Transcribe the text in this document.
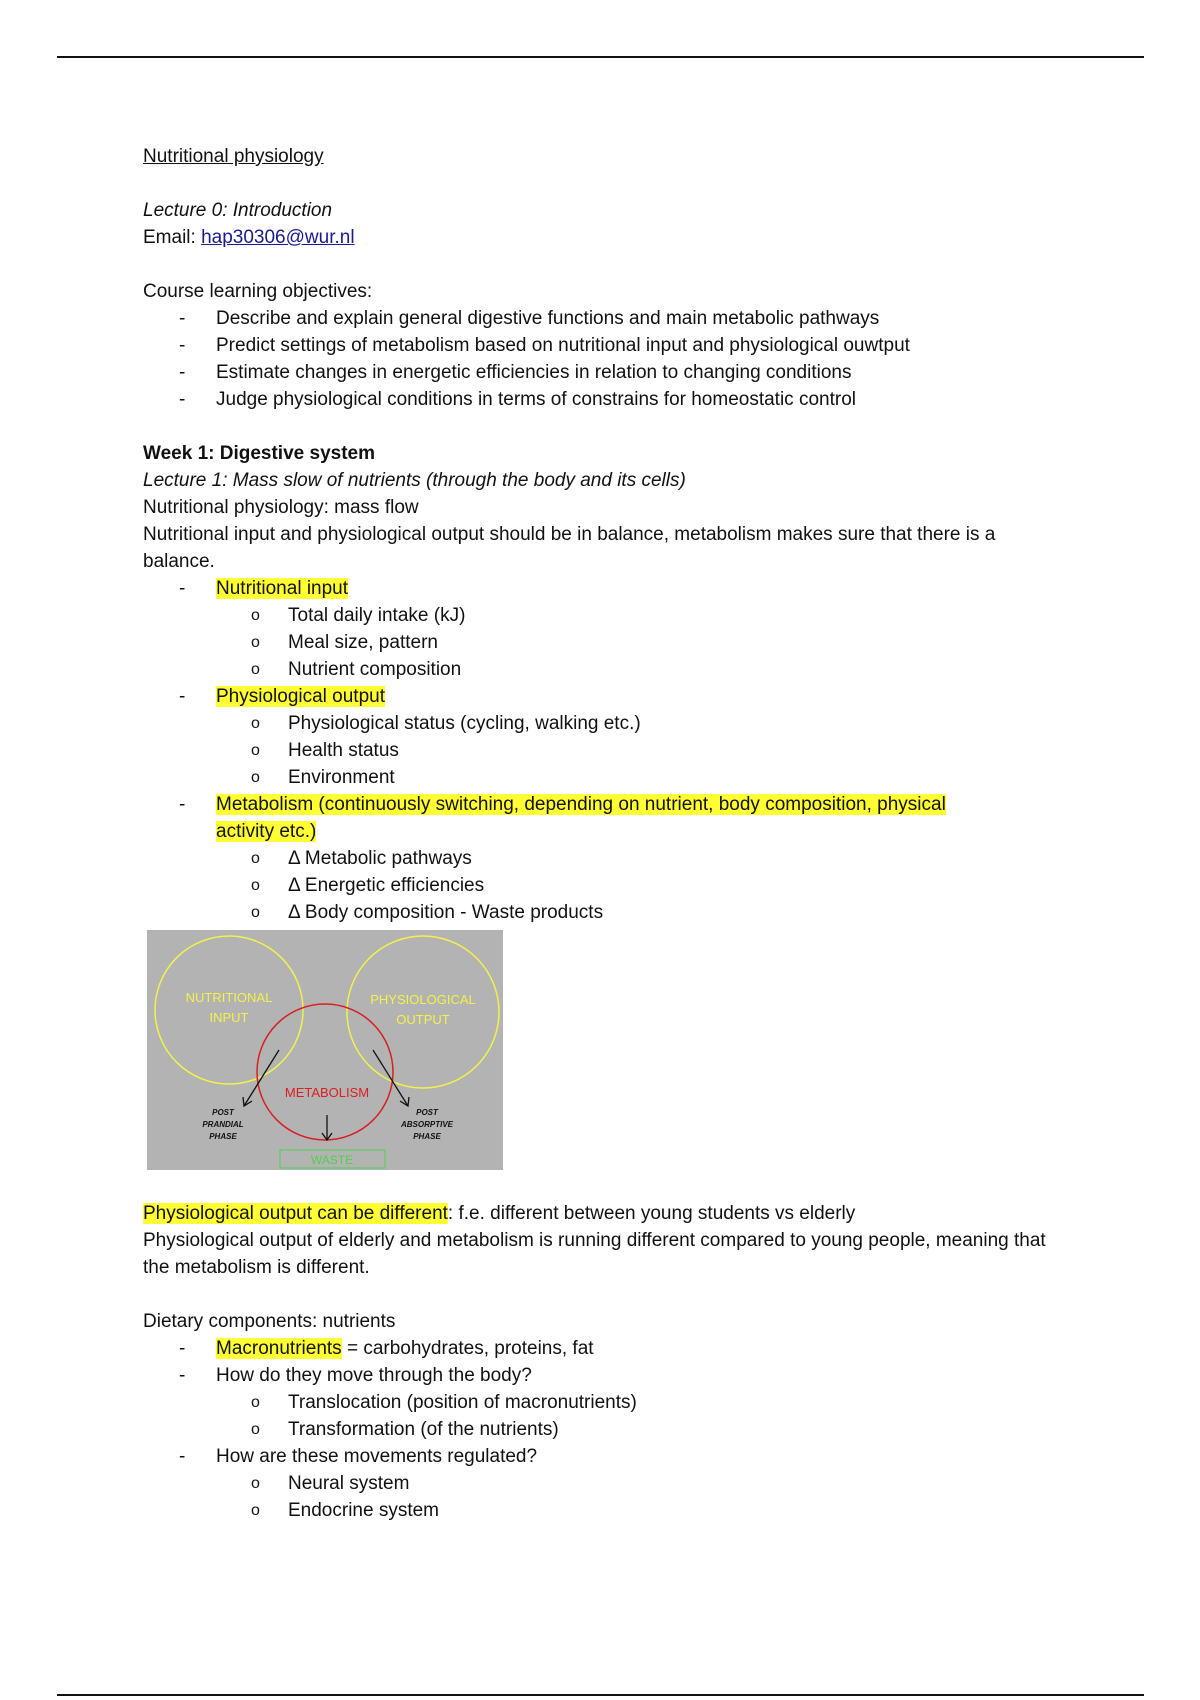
Nutritional physiology

Lecture 0: Introduction

Email: hap30306@wur.nl

Course learning objectives:

- Describe and explain general digestive functions and main metabolic pathways
- Predict settings of metabolism based on nutritional input and physiological ouwtput
- Estimate changes in energetic efficiencies in relation to changing conditions
- Judge physiological conditions in terms of constrains for homeostatic control

Week 1: Digestive system

Lecture 1: Mass slow of nutrients (through the body and its cells)

Nutritional physiology: mass flow

Nutritional input and physiological output should be in balance, metabolism makes sure that there is a balance.

- Nutritional input
o Total daily intake (kJ)
o Meal size, pattern
o Nutrient composition
- Physiological output
o Physiological status (cycling, walking etc.)
o Health status
o Environment
- Metabolism (continuously switching, depending on nutrient, body composition, physical activity etc.)
o Δ Metabolic pathways
o Δ Energetic efficiencies
o Δ Body composition - Waste products
NUTRITIONAL
INPUT
PHYSIOLOGICAL
OUTPUT
METABOLISM
POST
PRANDIAL
PHASE
POST
ABSORPTIVE
PHASE
WASTE

Physiological output can be different: f.e. different between young students vs elderly

Physiological output of elderly and metabolism is running different compared to young people, meaning that the metabolism is different.

Dietary components: nutrients

- Macronutrients = carbohydrates, proteins, fat
- How do they move through the body?
o Translocation (position of macronutrients)
o Transformation (of the nutrients)
- How are these movements regulated?
o Neural system
o Endocrine system
